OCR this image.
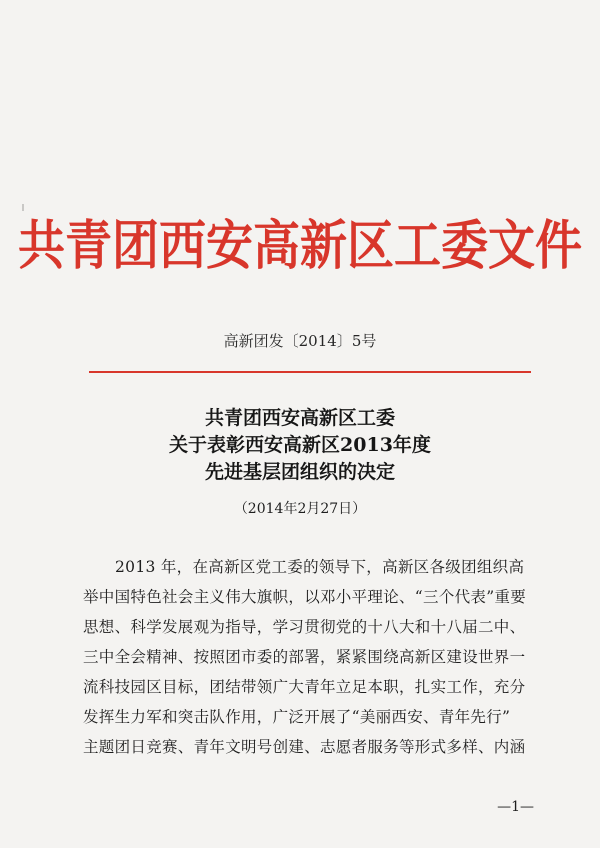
共青团西安高新区工委文件
高新团发〔2014〕5号
共青团西安高新区工委
关于表彰西安高新区2013年度
先进基层团组织的决定
（2014年2月27日）
2013 年，在高新区党工委的领导下，高新区各级团组织高
举中国特色社会主义伟大旗帜，以邓小平理论、“三个代表”重要
思想、科学发展观为指导，学习贯彻党的十八大和十八届二中、
三中全会精神、按照团市委的部署，紧紧围绕高新区建设世界一
流科技园区目标，团结带领广大青年立足本职，扎实工作，充分
发挥生力军和突击队作用，广泛开展了“美丽西安、青年先行”
主题团日竞赛、青年文明号创建、志愿者服务等形式多样、内涵
—1—
